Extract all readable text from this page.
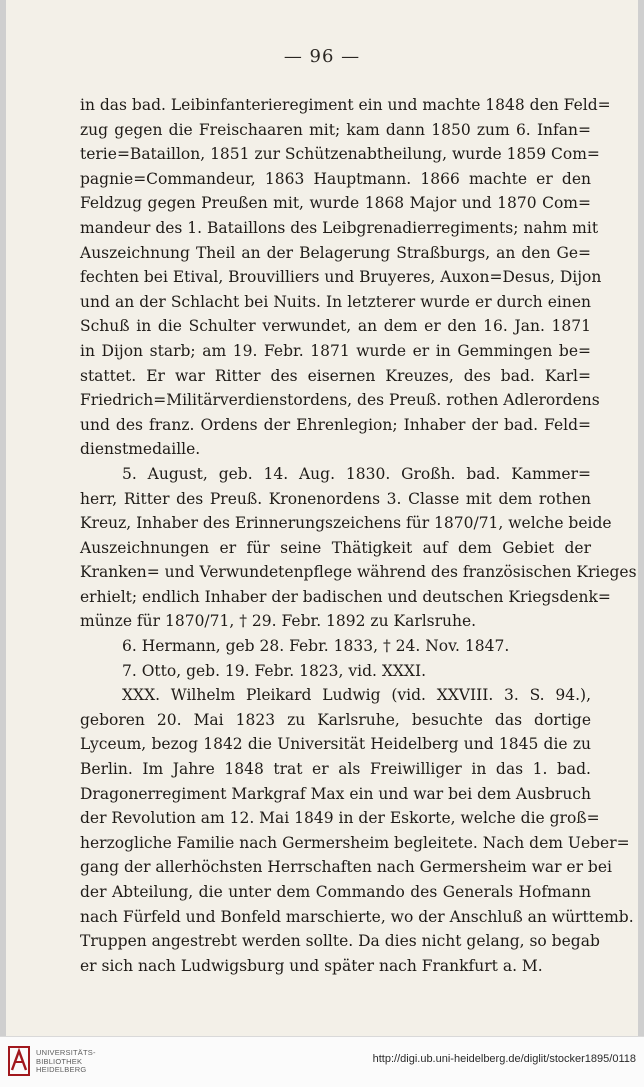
— 96 —
in das bad. Leibinfanterieregiment ein und machte 1848 den Feld=
zug gegen die Freischaaren mit; kam dann 1850 zum 6. Infan=
terie=Bataillon, 1851 zur Schützenabtheilung, wurde 1859 Com=
pagnie=Commandeur, 1863 Hauptmann. 1866 machte er den
Feldzug gegen Preußen mit, wurde 1868 Major und 1870 Com=
mandeur des 1. Bataillons des Leibgrenadierregiments; nahm mit
Auszeichnung Theil an der Belagerung Straßburgs, an den Ge=
fechten bei Etival, Brouvilliers und Bruyeres, Auxon=Desus, Dijon
und an der Schlacht bei Nuits. In letzterer wurde er durch einen
Schuß in die Schulter verwundet, an dem er den 16. Jan. 1871
in Dijon starb; am 19. Febr. 1871 wurde er in Gemmingen be=
stattet. Er war Ritter des eisernen Kreuzes, des bad. Karl=
Friedrich=Militärverdienstordens, des Preuß. rothen Adlerordens
und des franz. Ordens der Ehrenlegion; Inhaber der bad. Feld=
dienstmedaille.
5. August, geb. 14. Aug. 1830. Großh. bad. Kammer=
herr, Ritter des Preuß. Kronenordens 3. Classe mit dem rothen
Kreuz, Inhaber des Erinnerungszeichens für 1870/71, welche beide
Auszeichnungen er für seine Thätigkeit auf dem Gebiet der
Kranken= und Verwundetenpflege während des französischen Krieges
erhielt; endlich Inhaber der badischen und deutschen Kriegsdenk=
münze für 1870/71, † 29. Febr. 1892 zu Karlsruhe.
6. Hermann, geb 28. Febr. 1833, † 24. Nov. 1847.
7. Otto, geb. 19. Febr. 1823, vid. XXXI.
XXX. Wilhelm Pleikard Ludwig (vid. XXVIII. 3. S. 94.),
geboren 20. Mai 1823 zu Karlsruhe, besuchte das dortige
Lyceum, bezog 1842 die Universität Heidelberg und 1845 die zu
Berlin. Im Jahre 1848 trat er als Freiwilliger in das 1. bad.
Dragonerregiment Markgraf Max ein und war bei dem Ausbruch
der Revolution am 12. Mai 1849 in der Eskorte, welche die groß=
herzogliche Familie nach Germersheim begleitete. Nach dem Ueber=
gang der allerhöchsten Herrschaften nach Germersheim war er bei
der Abteilung, die unter dem Commando des Generals Hofmann
nach Fürfeld und Bonfeld marschierte, wo der Anschluß an württemb.
Truppen angestrebt werden sollte. Da dies nicht gelang, so begab
er sich nach Ludwigsburg und später nach Frankfurt a. M.
UNIVERSITÄTS-
BIBLIOTHEK
HEIDELBERG
http://digi.ub.uni-heidelberg.de/diglit/stocker1895/0118
